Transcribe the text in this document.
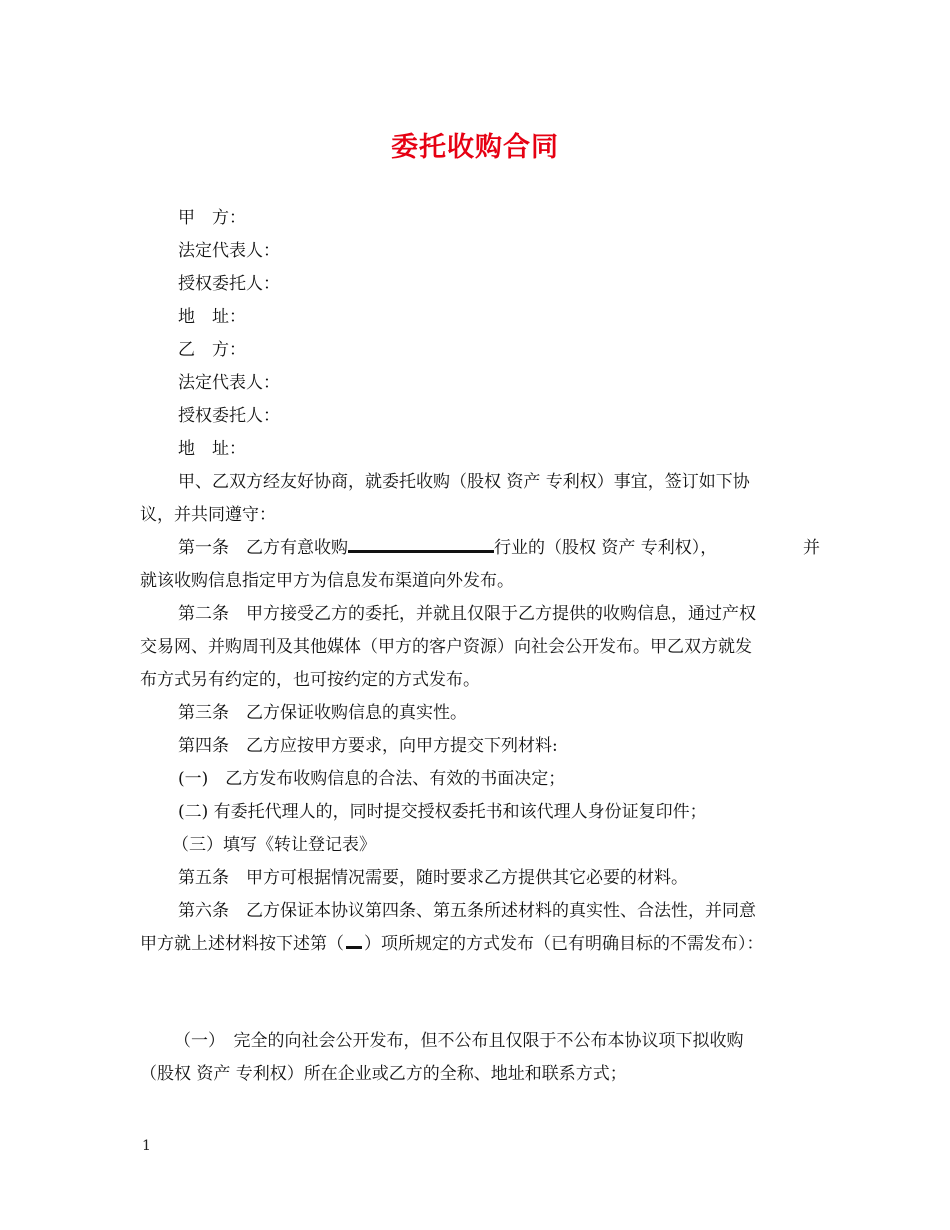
委托收购合同
甲　方：
法定代表人：
授权委托人：
地　址：
乙　方：
法定代表人：
授权委托人：
地　址：
甲、乙双方经友好协商，就委托收购（股权 资产 专利权）事宜，签订如下协
议，并共同遵守：
第一条　乙方有意收购	行业的（股权 资产 专利权），	并
就该收购信息指定甲方为信息发布渠道向外发布。
第二条　甲方接受乙方的委托，并就且仅限于乙方提供的收购信息，通过产权
交易网、并购周刊及其他媒体（甲方的客户资源）向社会公开发布。甲乙双方就发
布方式另有约定的，也可按约定的方式发布。
第三条　乙方保证收购信息的真实性。
第四条　乙方应按甲方要求，向甲方提交下列材料:
(一)　乙方发布收购信息的合法、有效的书面决定；
(二) 有委托代理人的，同时提交授权委托书和该代理人身份证复印件；
（三）填写《转让登记表》
第五条　甲方可根据情况需要，随时要求乙方提供其它必要的材料。
第六条　乙方保证本协议第四条、第五条所述材料的真实性、合法性，并同意
甲方就上述材料按下述第（ ）项所规定的方式发布（已有明确目标的不需发布）：
（一）　完全的向社会公开发布，但不公布且仅限于不公布本协议项下拟收购
（股权 资产 专利权）所在企业或乙方的全称、地址和联系方式；
1
